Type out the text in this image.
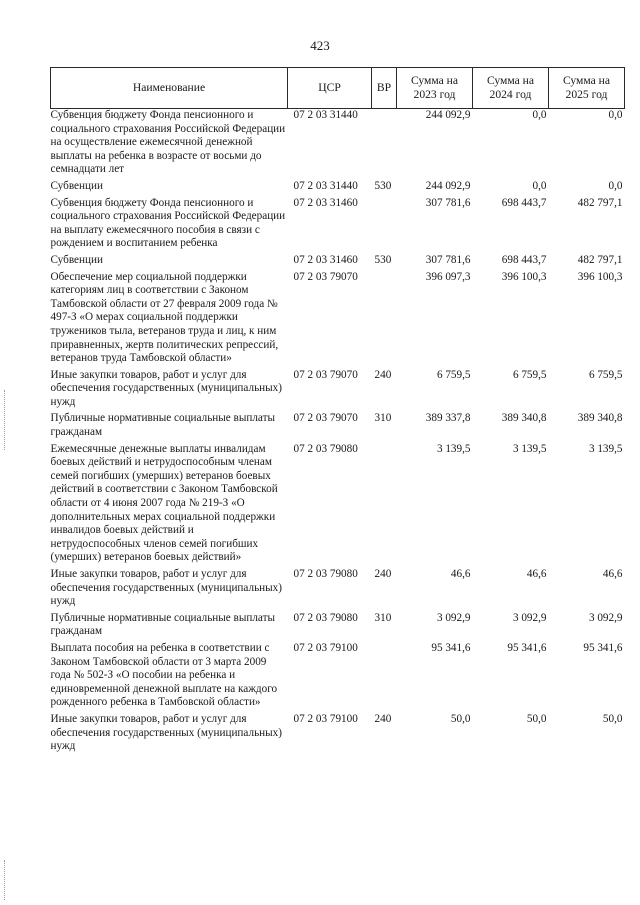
423
Наименование	ЦСР	ВР	Сумма на 2023 год	Сумма на 2024 год	Сумма на 2025 год
Субвенция бюджету Фонда пенсионного и социального страхования Российской Федерации на осуществление ежемесячной денежной выплаты на ребенка в возрасте от восьми до семнадцати лет	07 2 03 31440		244 092,9	0,0	0,0
Субвенции	07 2 03 31440	530	244 092,9	0,0	0,0
Субвенция бюджету Фонда пенсионного и социального страхования Российской Федерации на выплату ежемесячного пособия в связи с рождением и воспитанием ребенка	07 2 03 31460		307 781,6	698 443,7	482 797,1
Субвенции	07 2 03 31460	530	307 781,6	698 443,7	482 797,1
Обеспечение мер социальной поддержки категориям лиц в соответствии с Законом Тамбовской области от 27 февраля 2009 года № 497-З «О мерах социальной поддержки тружеников тыла, ветеранов труда и лиц, к ним приравненных, жертв политических репрессий, ветеранов труда Тамбовской области»	07 2 03 79070		396 097,3	396 100,3	396 100,3
Иные закупки товаров, работ и услуг для обеспечения государственных (муниципальных) нужд	07 2 03 79070	240	6 759,5	6 759,5	6 759,5
Публичные нормативные социальные выплаты гражданам	07 2 03 79070	310	389 337,8	389 340,8	389 340,8
Ежемесячные денежные выплаты инвалидам боевых действий и нетрудоспособным членам семей погибших (умерших) ветеранов боевых действий в соответствии с Законом Тамбовской области от 4 июня 2007 года № 219-З «О дополнительных мерах социальной поддержки инвалидов боевых действий и нетрудоспособных членов семей погибших (умерших) ветеранов боевых действий»	07 2 03 79080		3 139,5	3 139,5	3 139,5
Иные закупки товаров, работ и услуг для обеспечения государственных (муниципальных) нужд	07 2 03 79080	240	46,6	46,6	46,6
Публичные нормативные социальные выплаты гражданам	07 2 03 79080	310	3 092,9	3 092,9	3 092,9
Выплата пособия на ребенка в соответствии с Законом Тамбовской области от 3 марта 2009 года № 502-З «О пособии на ребенка и единовременной денежной выплате на каждого рожденного ребенка в Тамбовской области»	07 2 03 79100		95 341,6	95 341,6	95 341,6
Иные закупки товаров, работ и услуг для обеспечения государственных (муниципальных) нужд	07 2 03 79100	240	50,0	50,0	50,0
